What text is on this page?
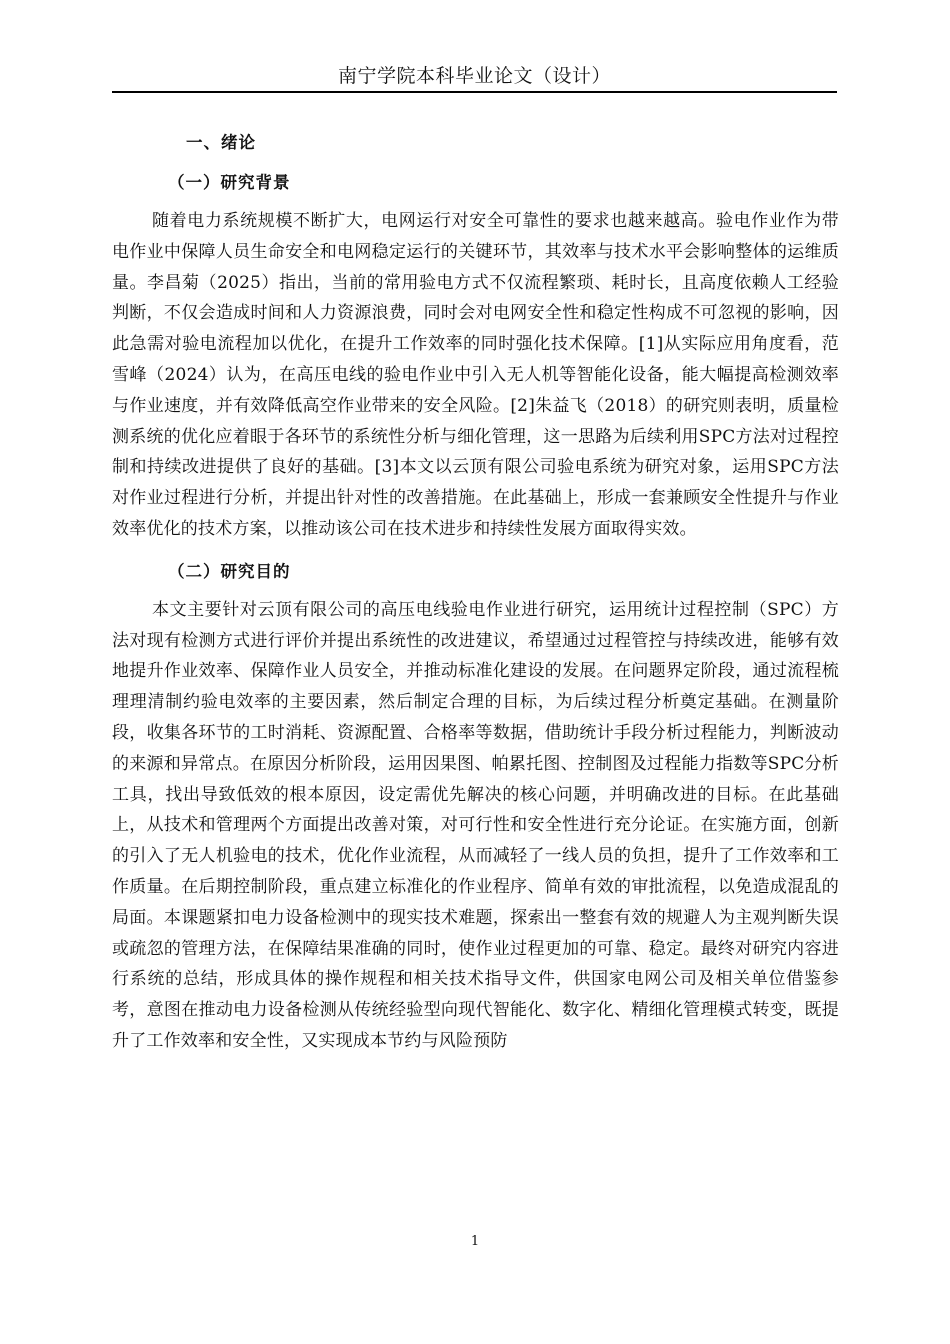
南宁学院本科毕业论文（设计）
一、绪论
（一）研究背景

随着电力系统规模不断扩大，电网运行对安全可靠性的要求也越来越高。验电作业作为带电作业中保障人员生命安全和电网稳定运行的关键环节，其效率与技术水平会影响整体的运维质量。李昌菊（2025）指出，当前的常用验电方式不仅流程繁琐、耗时长，且高度依赖人工经验判断，不仅会造成时间和人力资源浪费，同时会对电网安全性和稳定性构成不可忽视的影响，因此急需对验电流程加以优化，在提升工作效率的同时强化技术保障。[1]从实际应用角度看，范雪峰（2024）认为，在高压电线的验电作业中引入无人机等智能化设备，能大幅提高检测效率与作业速度，并有效降低高空作业带来的安全风险。[2]朱益飞（2018）的研究则表明，质量检测系统的优化应着眼于各环节的系统性分析与细化管理，这一思路为后续利用SPC方法对过程控制和持续改进提供了良好的基础。[3]本文以云顶有限公司验电系统为研究对象，运用SPC方法对作业过程进行分析，并提出针对性的改善措施。在此基础上，形成一套兼顾安全性提升与作业效率优化的技术方案，以推动该公司在技术进步和持续性发展方面取得实效。

（二）研究目的

本文主要针对云顶有限公司的高压电线验电作业进行研究，运用统计过程控制（SPC）方法对现有检测方式进行评价并提出系统性的改进建议，希望通过过程管控与持续改进，能够有效地提升作业效率、保障作业人员安全，并推动标准化建设的发展。在问题界定阶段，通过流程梳理理清制约验电效率的主要因素，然后制定合理的目标，为后续过程分析奠定基础。在测量阶段，收集各环节的工时消耗、资源配置、合格率等数据，借助统计手段分析过程能力，判断波动的来源和异常点。在原因分析阶段，运用因果图、帕累托图、控制图及过程能力指数等SPC分析工具，找出导致低效的根本原因，设定需优先解决的核心问题，并明确改进的目标。在此基础上，从技术和管理两个方面提出改善对策，对可行性和安全性进行充分论证。在实施方面，创新的引入了无人机验电的技术，优化作业流程，从而减轻了一线人员的负担，提升了工作效率和工作质量。在后期控制阶段，重点建立标准化的作业程序、简单有效的审批流程，以免造成混乱的局面。本课题紧扣电力设备检测中的现实技术难题，探索出一整套有效的规避人为主观判断失误或疏忽的管理方法，在保障结果准确的同时，使作业过程更加的可靠、稳定。最终对研究内容进行系统的总结，形成具体的操作规程和相关技术指导文件，供国家电网公司及相关单位借鉴参考，意图在推动电力设备检测从传统经验型向现代智能化、数字化、精细化管理模式转变，既提升了工作效率和安全性，又实现成本节约与风险预防

1
